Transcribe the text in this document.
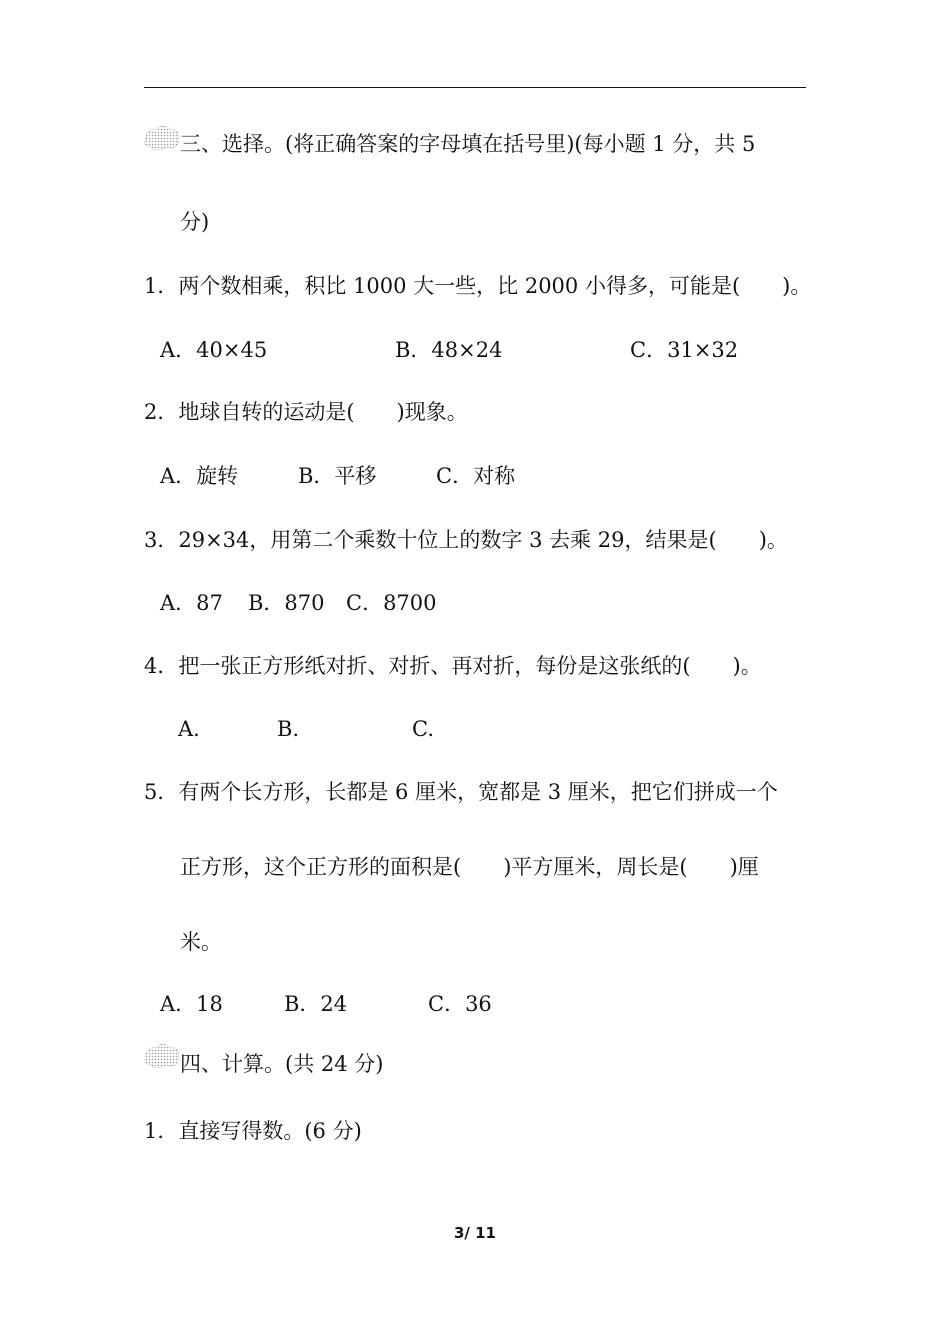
三、选择。(将正确答案的字母填在括号里)(每小题 1 分，共 5
分)
1．两个数相乘，积比 1000 大一些，比 2000 小得多，可能是(　　)。
A．40×45	B．48×24	C．31×32
2．地球自转的运动是(　　)现象。
A．旋转	B．平移	C．对称
3．29×34，用第二个乘数十位上的数字 3 去乘 29，结果是(　　)。
A．87 B．870 C．8700
4．把一张正方形纸对折、对折、再对折，每份是这张纸的(　　)。
A.	B.	C.
5．有两个长方形，长都是 6 厘米，宽都是 3 厘米，把它们拼成一个
正方形，这个正方形的面积是(　　)平方厘米，周长是(　　)厘
米。
A．18	B．24	C．36
四、计算。(共 24 分)
1．直接写得数。(6 分)
3/ 11
